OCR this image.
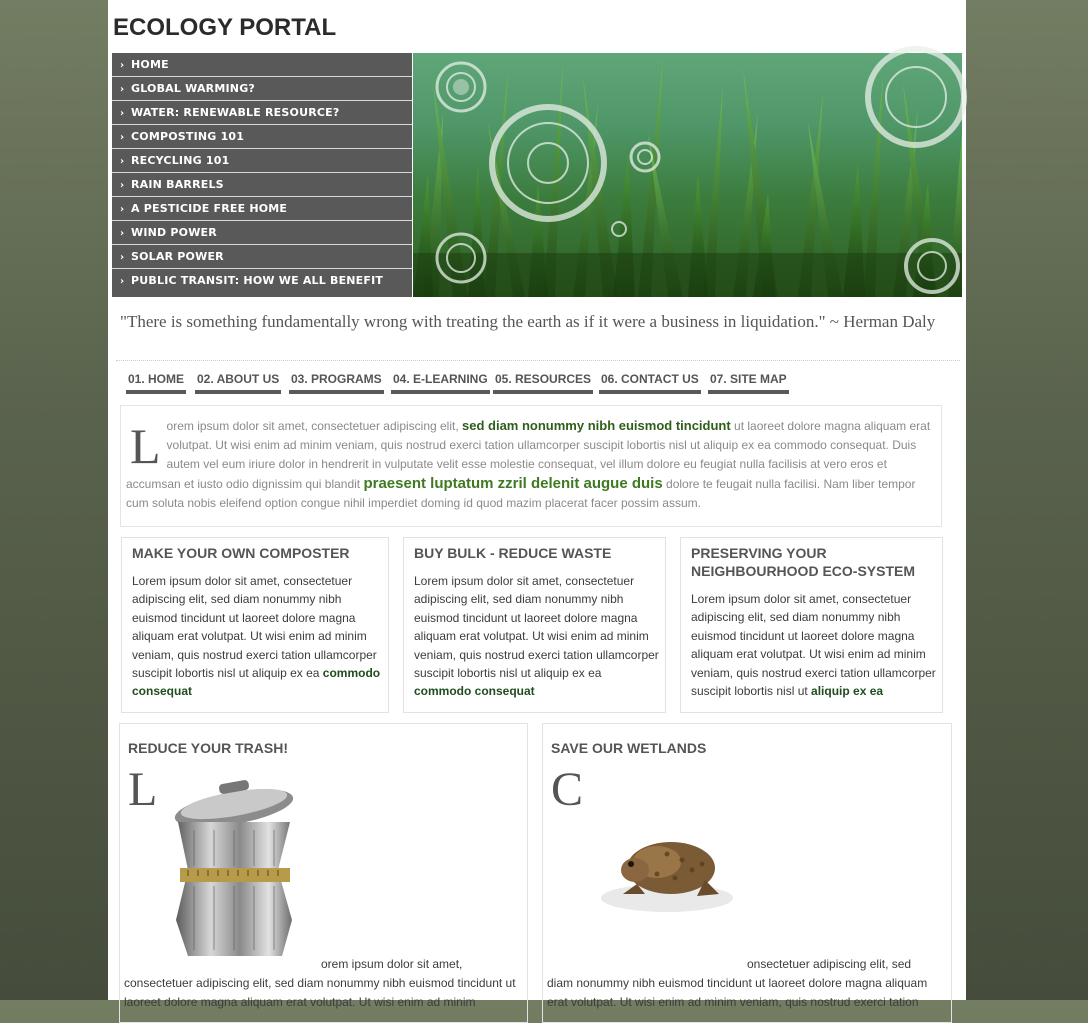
ECOLOGY PORTAL
› HOME
› GLOBAL WARMING?
› WATER: RENEWABLE RESOURCE?
› COMPOSTING 101
› RECYCLING 101
› RAIN BARRELS
› A PESTICIDE FREE HOME
› WIND POWER
› SOLAR POWER
› PUBLIC TRANSIT: HOW WE ALL BENEFIT

"There is something fundamentally wrong with treating the earth as if it were a business in liquidation." ~ Herman Daly

01. HOME 02. ABOUT US 03. PROGRAMS 04. E-LEARNING 05. RESOURCES 06. CONTACT US 07. SITE MAP
Lorem ipsum dolor sit amet, consectetuer adipiscing elit, sed diam nonummy nibh euismod tincidunt ut laoreet dolore magna aliquam erat volutpat. Ut wisi enim ad minim veniam, quis nostrud exerci tation ullamcorper suscipit lobortis nisl ut aliquip ex ea commodo consequat. Duis autem vel eum iriure dolor in hendrerit in vulputate velit esse molestie consequat, vel illum dolore eu feugiat nulla facilisis at vero eros et accumsan et iusto odio dignissim qui blandit praesent luptatum zzril delenit augue duis dolore te feugait nulla facilisi. Nam liber tempor cum soluta nobis eleifend option congue nihil imperdiet doming id quod mazim placerat facer possim assum.
MAKE YOUR OWN COMPOSTER

Lorem ipsum dolor sit amet, consectetuer adipiscing elit, sed diam nonummy nibh euismod tincidunt ut laoreet dolore magna aliquam erat volutpat. Ut wisi enim ad minim veniam, quis nostrud exerci tation ullamcorper suscipit lobortis nisl ut aliquip ex ea commodo consequat

BUY BULK - REDUCE WASTE

Lorem ipsum dolor sit amet, consectetuer adipiscing elit, sed diam nonummy nibh euismod tincidunt ut laoreet dolore magna aliquam erat volutpat. Ut wisi enim ad minim veniam, quis nostrud exerci tation ullamcorper suscipit lobortis nisl ut aliquip ex ea commodo consequat

PRESERVING YOUR NEIGHBOURHOOD ECO-SYSTEM

Lorem ipsum dolor sit amet, consectetuer adipiscing elit, sed diam nonummy nibh euismod tincidunt ut laoreet dolore magna aliquam erat volutpat. Ut wisi enim ad minim veniam, quis nostrud exerci tation ullamcorper suscipit lobortis nisl ut aliquip ex ea

REDUCE YOUR TRASH!
L
orem ipsum dolor sit amet,
consectetuer adipiscing elit, sed diam nonummy nibh euismod tincidunt ut laoreet dolore magna aliquam erat volutpat. Ut wisi enim ad minim
SAVE OUR WETLANDS
C
onsectetuer adipiscing elit, sed
diam nonummy nibh euismod tincidunt ut laoreet dolore magna aliquam erat volutpat. Ut wisi enim ad minim veniam, quis nostrud exerci tation
